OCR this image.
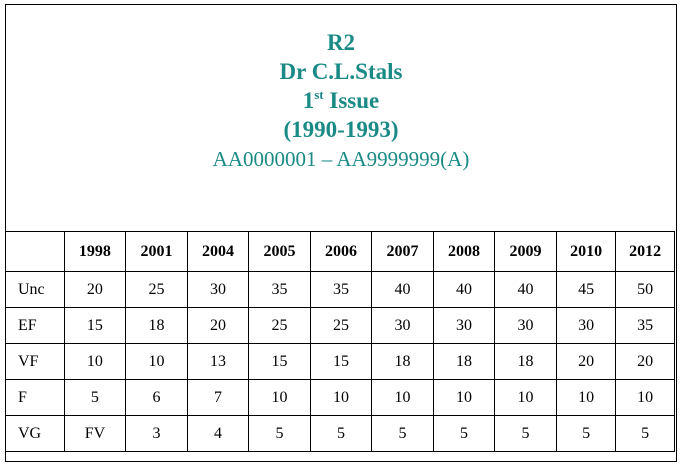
R2
Dr C.L.Stals
1st Issue
(1990-1993)
AA0000001 – AA9999999(A)
	1998	2001	2004	2005	2006	2007	2008	2009	2010	2012
Unc	20	25	30	35	35	40	40	40	45	50
EF	15	18	20	25	25	30	30	30	30	35
VF	10	10	13	15	15	18	18	18	20	20
F	5	6	7	10	10	10	10	10	10	10
VG	FV	3	4	5	5	5	5	5	5	5
